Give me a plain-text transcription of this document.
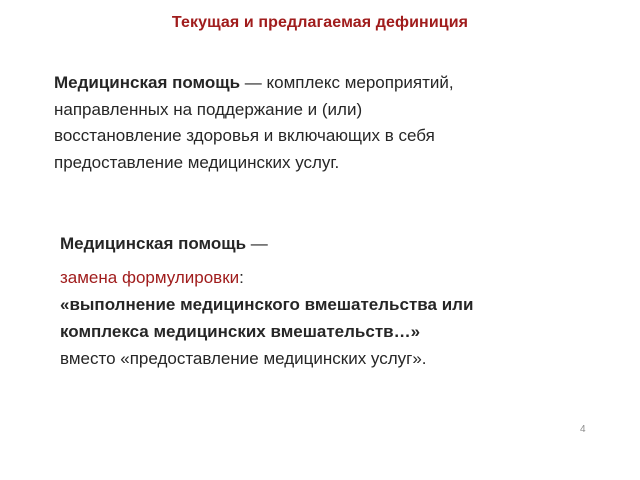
Текущая и предлагаемая дефиниция
Медицинская помощь — комплекс мероприятий,
направленных на поддержание и (или)
восстановление здоровья и включающих в себя
предоставление медицинских услуг.
Медицинская помощь —
замена формулировки:
«выполнение медицинского вмешательства или
комплекса медицинских вмешательств…»
вместо «предоставление медицинских услуг».
4
